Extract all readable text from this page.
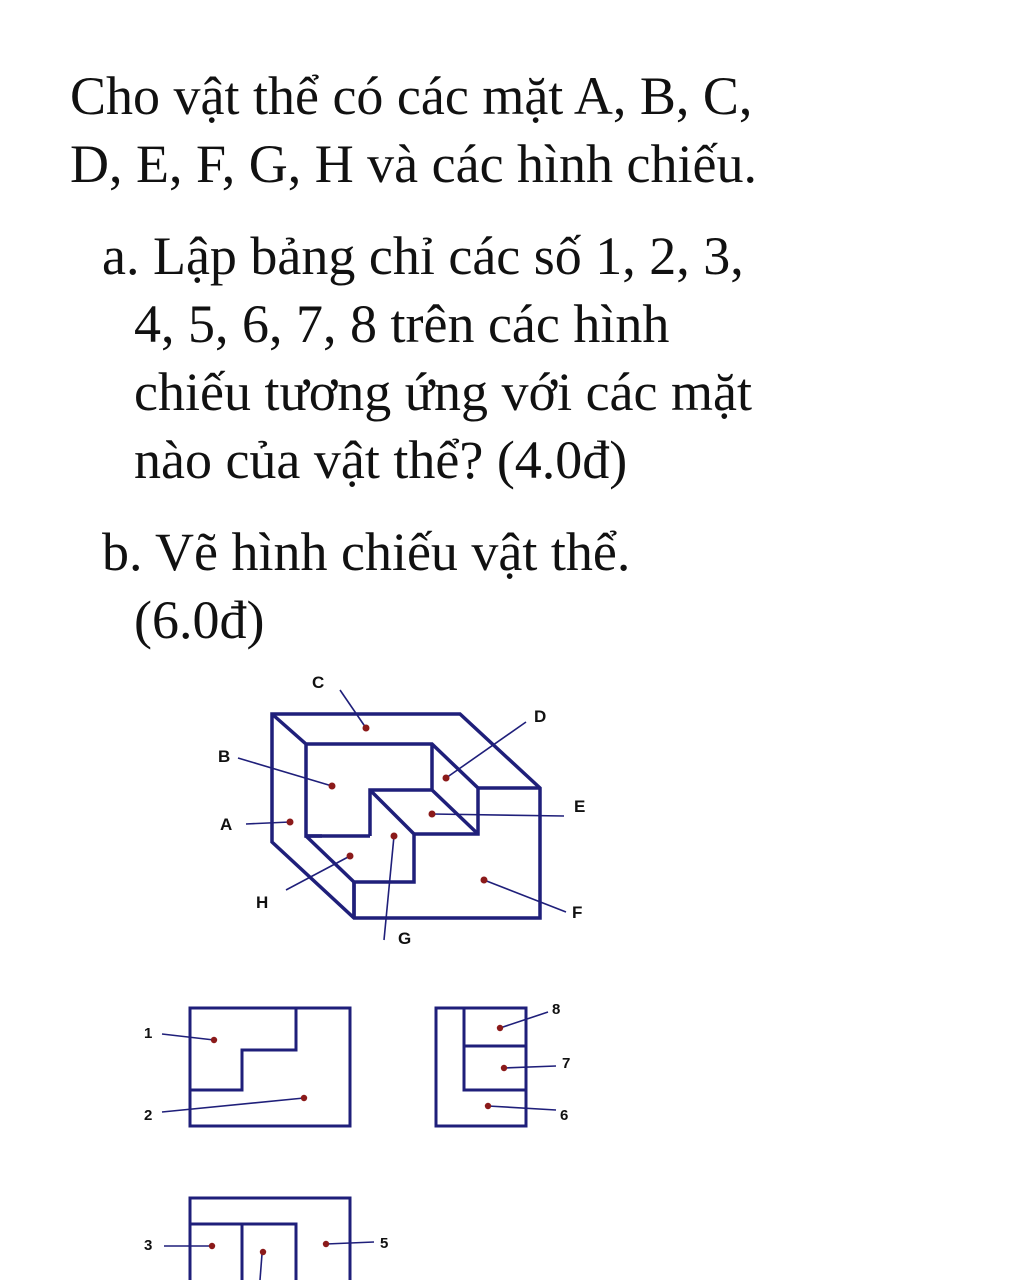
Cho vật thể có các mặt A, B, C,
D, E, F, G, H và các hình chiếu.
a. Lập bảng chỉ các số 1, 2, 3,
4, 5, 6, 7, 8 trên các hình
chiếu tương ứng với các mặt
nào của vật thể? (4.0đ)
b. Vẽ hình chiếu vật thể.
(6.0đ)
C
D
B
E
A
H
F
G
1
2
8
7
6
3	5
